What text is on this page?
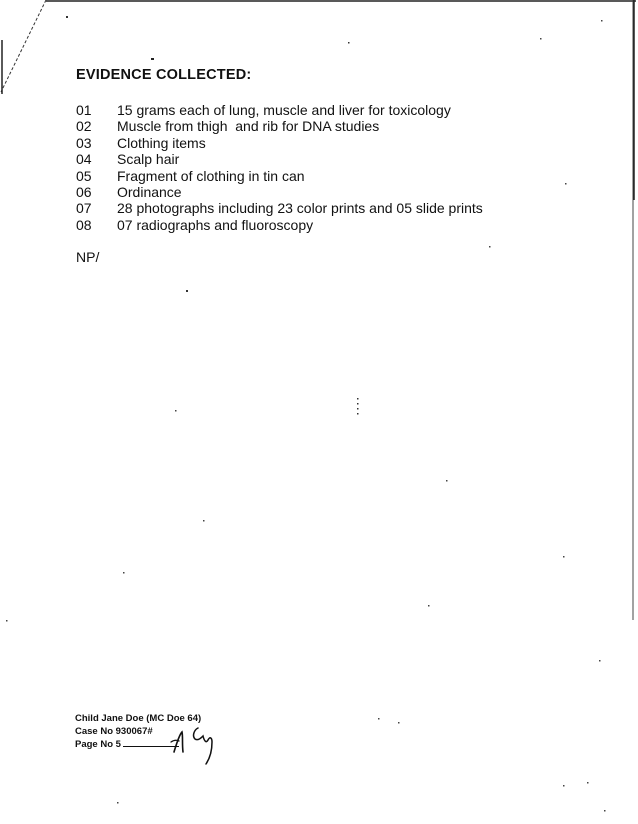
EVIDENCE COLLECTED:
01	15 grams each of lung, muscle and liver for toxicology
02	Muscle from thigh  and rib for DNA studies
03	Clothing items
04	Scalp hair
05	Fragment of clothing in tin can
06	Ordinance
07	28 photographs including 23 color prints and 05 slide prints
08	07 radiographs and fluoroscopy
NP/
Child Jane Doe (MC Doe 64)
Case No 930067#
Page No 5
